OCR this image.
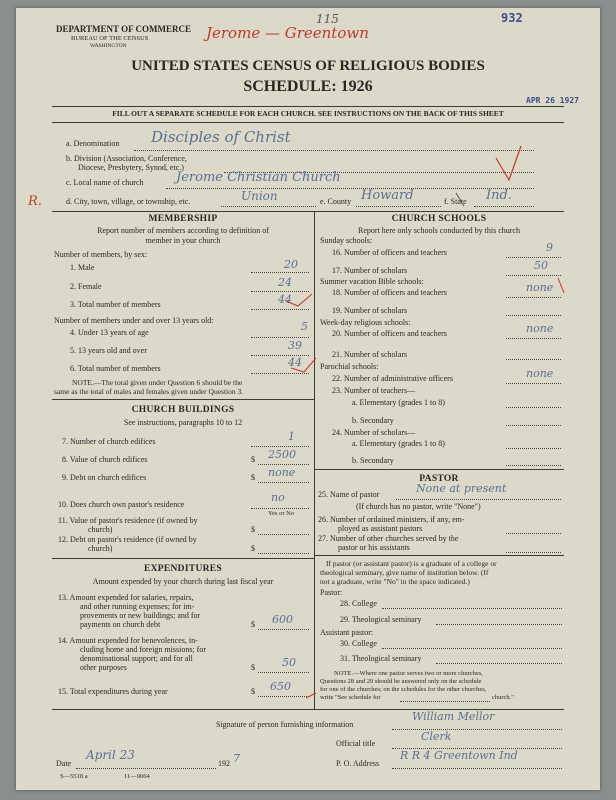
DEPARTMENT OF COMMERCE
BUREAU OF THE CENSUS
WASHINGTON
Jerome — Greentown
115	932
UNITED STATES CENSUS OF RELIGIOUS BODIES
SCHEDULE: 1926
APR 26 1927
FILL OUT A SEPARATE SCHEDULE FOR EACH CHURCH. SEE INSTRUCTIONS ON THE BACK OF THIS SHEET
a. Denomination Disciples of Christ
b. Division (Association, Conference,
Diocese, Presbytery, Synod, etc.)
c. Local name of church Jerome Christian Church
R.	d. City, town, village, or township, etc.	Union	e. County Howard	f. State Ind.
MEMBERSHIP
Report number of members according to definition of
member in your church
Number of members, by sex:
1. Male	20
2. Female	24
3. Total number of members	44
Number of members under and over 13 years old:
4. Under 13 years of age	5
5. 13 years old and over	39
6. Total number of members	44
NOTE.—The total given under Question 6 should be the
same as the total of males and females given under Question 3.
CHURCH BUILDINGS
See instructions, paragraphs 10 to 12
7. Number of church edifices	1
8. Value of church edifices	$ 2500
9. Debt on church edifices	$ none
10. Does church own pastor's residence
no
Yes or No
11. Value of pastor's residence (if owned by
church)	$
12. Debt on pastor's residence (if owned by
church)	$
EXPENDITURES
Amount expended by your church during last fiscal year
13. Amount expended for salaries, repairs,
and other running expenses; for im-
provements or new buildings; and for
payments on church debt	$ 600
14. Amount expended for benevolences, in-
cluding home and foreign missions; for
denominational support; and for all
other purposes	$ 50
15. Total expenditures during year	$ 650
CHURCH SCHOOLS
Report here only schools conducted by this church
Sunday schools:
16. Number of officers and teachers	9
17. Number of scholars	50
Summer vacation Bible schools:
18. Number of officers and teachers	none
19. Number of scholars
Week-day religious schools:
20. Number of officers and teachers	none
21. Number of scholars
Parochial schools:
22. Number of administrative officers	none
23. Number of teachers—
a. Elementary (grades 1 to 8)
b. Secondary
24. Number of scholars—
a. Elementary (grades 1 to 8)
b. Secondary
PASTOR
25. Name of pastor	None at present
(If church has no pastor, write "None")
26. Number of ordained ministers, if any, em-
ployed as assistant pastors
27. Number of other churches served by the
pastor or his assistants
If pastor (or assistant pastor) is a graduate of a college or
theological seminary, give name of institution below. (If
not a graduate, write "No" in the space indicated.)
Pastor:
28. College
29. Theological seminary
Assistant pastor:
30. College
31. Theological seminary
NOTE.—Where one pastor serves two or more churches,
Questions 28 and 29 should be answered only on the schedule
for one of the churches; on the schedules for the other churches,
write "See schedule for	church."
Signature of person furnishing information
William Mellor
Official title
Clerk
Date
April 23
192 7	P. O. Address
R R 4 Greentown Ind
S—5518 a	11—9064
